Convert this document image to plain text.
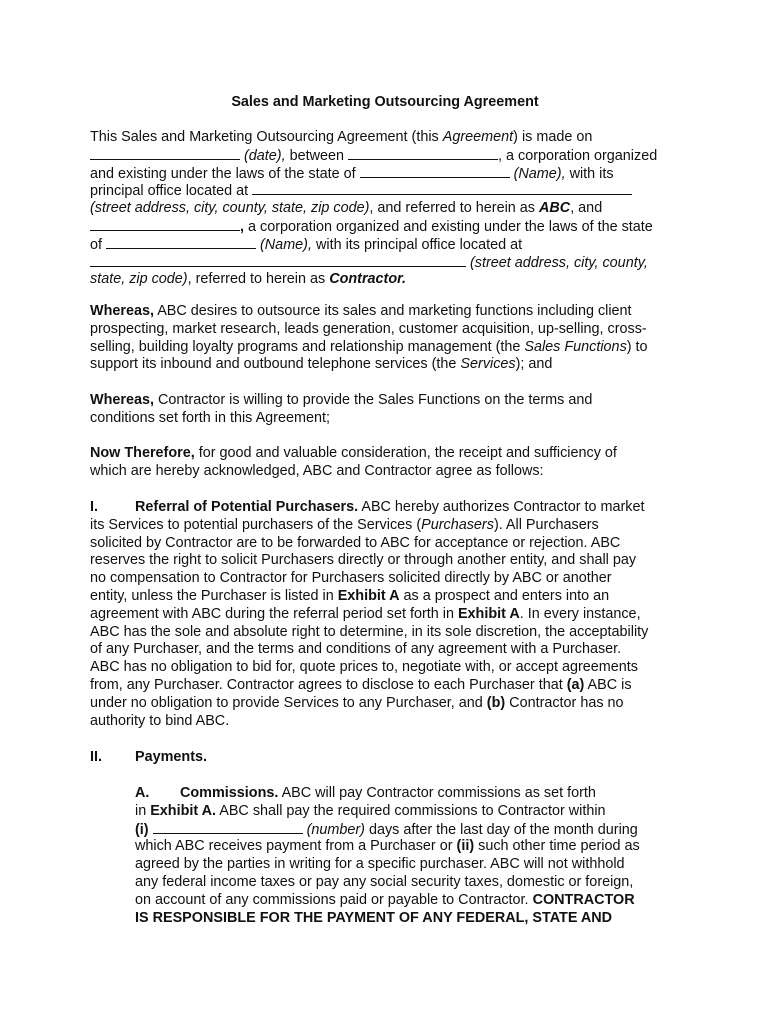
Sales and Marketing Outsourcing Agreement
This Sales and Marketing Outsourcing Agreement (this Agreement) is made on
(date), between	, a corporation organized
and existing under the laws of the state of	(Name), with its
principal office located at
(street address, city, county, state, zip code), and referred to herein as ABC, and
, a corporation organized and existing under the laws of the state
of	(Name), with its principal office located at
(street address, city, county,
state, zip code), referred to herein as Contractor.
Whereas, ABC desires to outsource its sales and marketing functions including client
prospecting, market research, leads generation, customer acquisition, up-selling, cross-
selling, building loyalty programs and relationship management (the Sales Functions) to
support its inbound and outbound telephone services (the Services); and
Whereas, Contractor is willing to provide the Sales Functions on the terms and
conditions set forth in this Agreement;
Now Therefore, for good and valuable consideration, the receipt and sufficiency of
which are hereby acknowledged, ABC and Contractor agree as follows:
I.	Referral of Potential Purchasers. ABC hereby authorizes Contractor to market
its Services to potential purchasers of the Services (Purchasers). All Purchasers
solicited by Contractor are to be forwarded to ABC for acceptance or rejection. ABC
reserves the right to solicit Purchasers directly or through another entity, and shall pay
no compensation to Contractor for Purchasers solicited directly by ABC or another
entity, unless the Purchaser is listed in Exhibit A as a prospect and enters into an
agreement with ABC during the referral period set forth in Exhibit A. In every instance,
ABC has the sole and absolute right to determine, in its sole discretion, the acceptability
of any Purchaser, and the terms and conditions of any agreement with a Purchaser.
ABC has no obligation to bid for, quote prices to, negotiate with, or accept agreements
from, any Purchaser. Contractor agrees to disclose to each Purchaser that (a) ABC is
under no obligation to provide Services to any Purchaser, and (b) Contractor has no
authority to bind ABC.
II. Payments.
A. Commissions. ABC will pay Contractor commissions as set forth
in Exhibit A. ABC shall pay the required commissions to Contractor within
(i)	(number) days after the last day of the month during
which ABC receives payment from a Purchaser or (ii) such other time period as
agreed by the parties in writing for a specific purchaser. ABC will not withhold
any federal income taxes or pay any social security taxes, domestic or foreign,
on account of any commissions paid or payable to Contractor. CONTRACTOR
IS RESPONSIBLE FOR THE PAYMENT OF ANY FEDERAL, STATE AND
